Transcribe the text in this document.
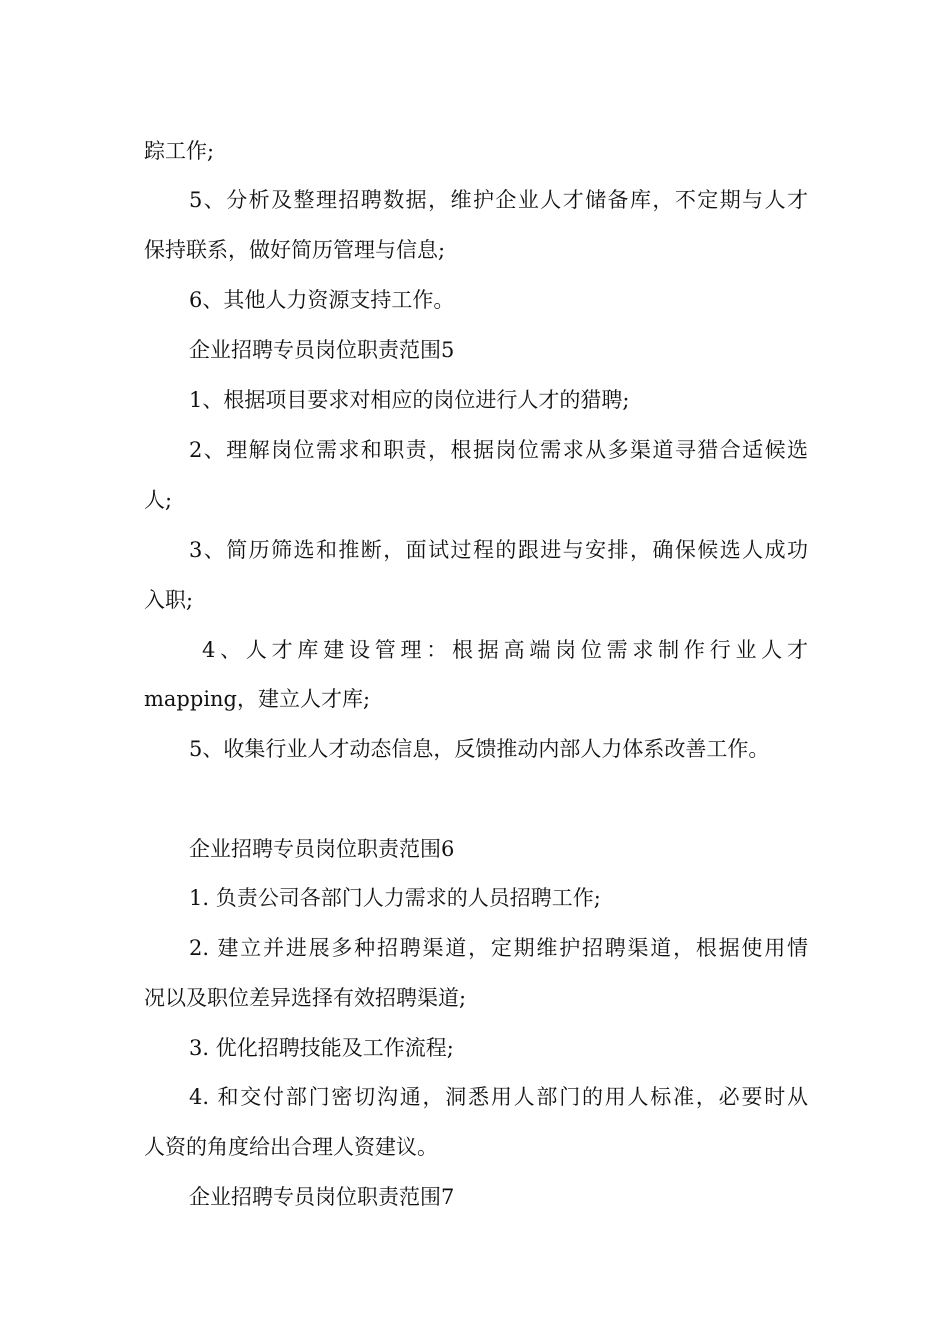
踪工作;
5、分析及整理招聘数据，维护企业人才储备库，不定期与人才
保持联系，做好简历管理与信息;
6、其他人力资源支持工作。
企业招聘专员岗位职责范围5
1、根据项目要求对相应的岗位进行人才的猎聘;
2、理解岗位需求和职责，根据岗位需求从多渠道寻猎合适候选
人;
3、简历筛选和推断，面试过程的跟进与安排，确保候选人成功
入职;
4、人才库建设管理：根据高端岗位需求制作行业人才
mapping，建立人才库;
5、收集行业人才动态信息，反馈推动内部人力体系改善工作。
企业招聘专员岗位职责范围6
1. 负责公司各部门人力需求的人员招聘工作;
2. 建立并进展多种招聘渠道，定期维护招聘渠道，根据使用情
况以及职位差异选择有效招聘渠道;
3. 优化招聘技能及工作流程;
4. 和交付部门密切沟通，洞悉用人部门的用人标准，必要时从
人资的角度给出合理人资建议。
企业招聘专员岗位职责范围7
